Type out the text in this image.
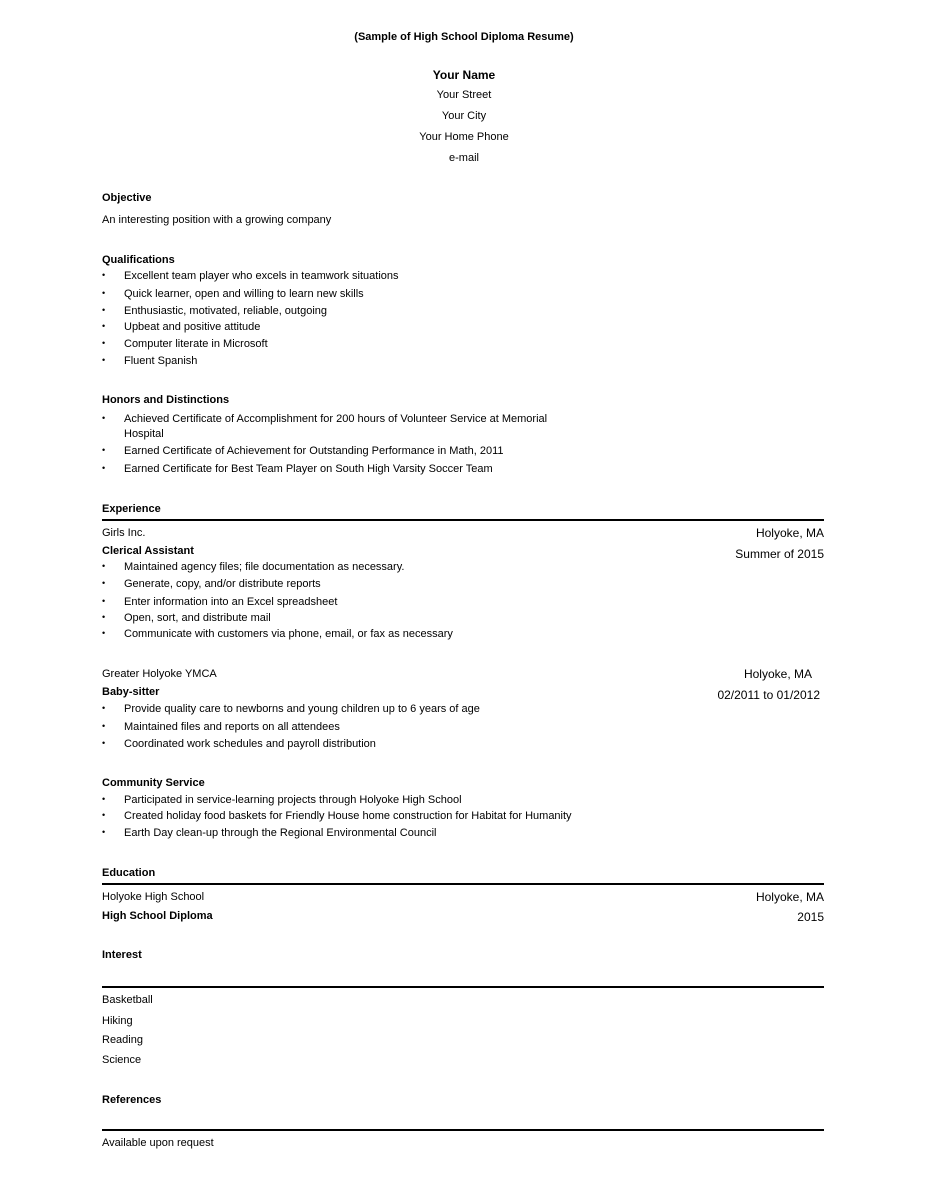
(Sample of High School Diploma Resume)
Your Name
Your Street
Your City
Your Home Phone
e-mail
Objective
An interesting position with a growing company
Qualifications
• Excellent team player who excels in teamwork situations
• Quick learner, open and willing to learn new skills
• Enthusiastic, motivated, reliable, outgoing
• Upbeat and positive attitude
• Computer literate in Microsoft
• Fluent Spanish
Honors and Distinctions
• Achieved Certificate of Accomplishment for 200 hours of Volunteer Service at Memorial
Hospital
• Earned Certificate of Achievement for Outstanding Performance in Math, 2011
• Earned Certificate for Best Team Player on South High Varsity Soccer Team
Experience
Girls Inc.	Holyoke, MA
Clerical Assistant	Summer of 2015
• Maintained agency files; file documentation as necessary.
• Generate, copy, and/or distribute reports
• Enter information into an Excel spreadsheet
• Open, sort, and distribute mail
• Communicate with customers via phone, email, or fax as necessary
Greater Holyoke YMCA	Holyoke, MA
Baby-sitter	02/2011 to 01/2012
• Provide quality care to newborns and young children up to 6 years of age
• Maintained files and reports on all attendees
• Coordinated work schedules and payroll distribution
Community Service
• Participated in service-learning projects through Holyoke High School
• Created holiday food baskets for Friendly House home construction for Habitat for Humanity
• Earth Day clean-up through the Regional Environmental Council
Education
Holyoke High School	Holyoke, MA
High School Diploma	2015
Interest
Basketball
Hiking
Reading
Science
References
Available upon request
